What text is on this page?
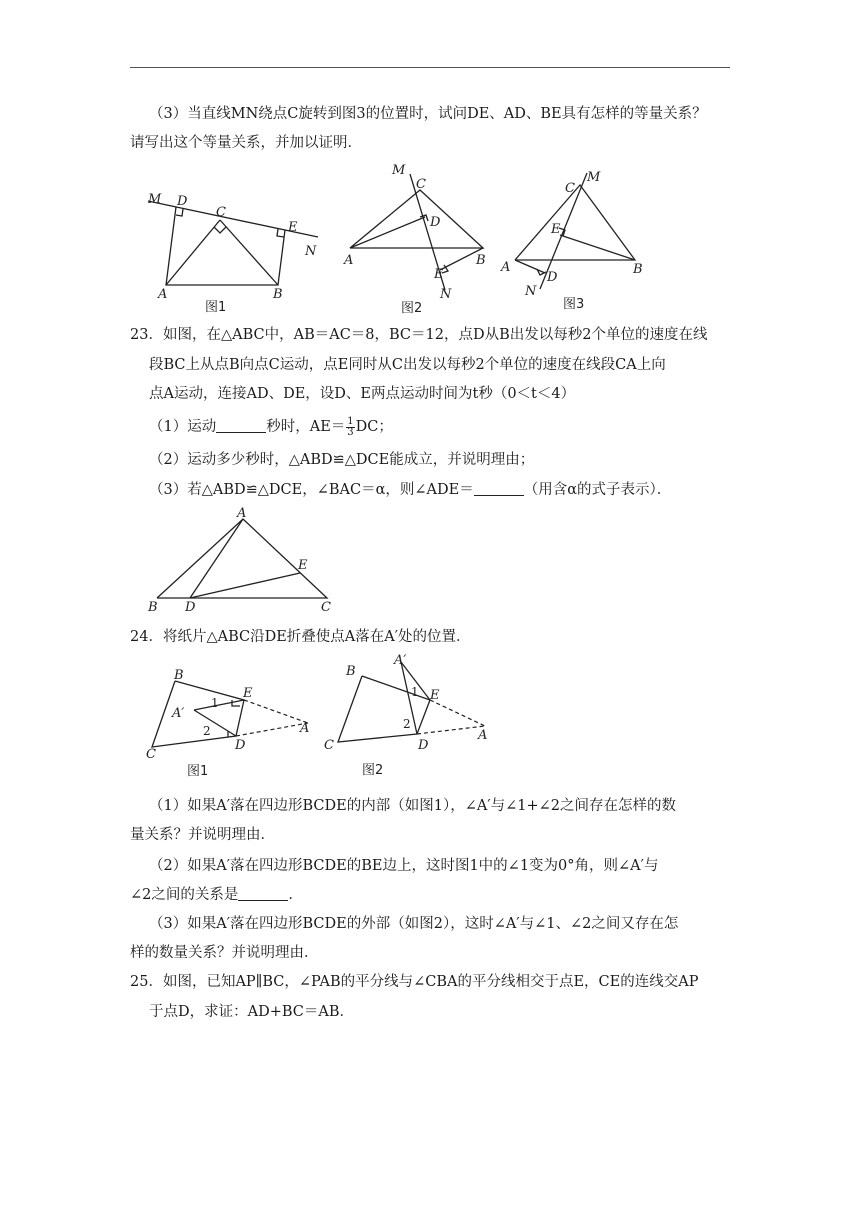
（3）当直线MN绕点C旋转到图3的位置时，试问DE、AD、BE具有怎样的等量关系？
请写出这个等量关系，并加以证明．
M D
C
E
N
A	B
图1
M
C
D
E
N
A	B
图2
M
C
E
A
D
N
B
图3
23．如图，在△ABC中，AB＝AC＝8，BC＝12，点D从B出发以每秒2个单位的速度在线
段BC上从点B向点C运动，点E同时从C出发以每秒2个单位的速度在线段CA上向
点A运动，连接AD、DE，设D、E两点运动时间为t秒（0＜t＜4）
（1）运动	秒时，$AE= \frac{1}{3}$ DC；
（2）运动多少秒时，△ABD≌△DCE能成立，并说明理由；
（3）若△ABD≌△DCE，∠BAC＝α，则∠ADE＝	（用含α的式子表示）．
A
E
B D	C
24．将纸片△ABC沿DE折叠使点A落在A′处的位置．
B
E
A′
1
2
D
C
A
图1
B
A′
1 E
2
D
C
A
图2
（1）如果A′落在四边形BCDE的内部（如图1），∠A′与∠1+∠2之间存在怎样的数
量关系？并说明理由．
（2）如果A′落在四边形BCDE的BE边上，这时图1中的∠1变为0°角，则∠A′与
∠2之间的关系是	．
（3）如果A′落在四边形BCDE的外部（如图2），这时∠A′与∠1、∠2之间又存在怎
样的数量关系？并说明理由．
25．如图，已知AP∥BC，∠PAB的平分线与∠CBA的平分线相交于点E，CE的连线交AP
于点D，求证：AD+BC＝AB．
